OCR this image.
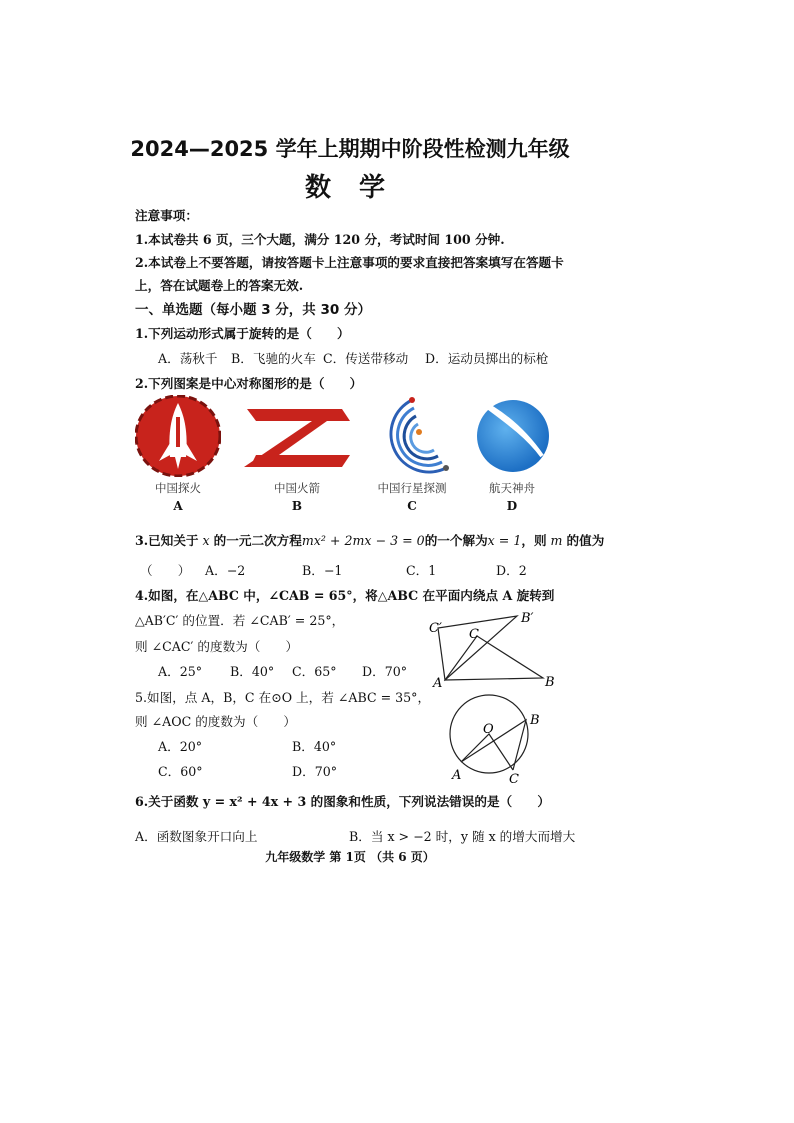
2024—2025 学年上期期中阶段性检测九年级
数学
注意事项：
1.本试卷共 6 页，三个大题，满分 120 分，考试时间 100 分钟.
2.本试卷上不要答题，请按答题卡上注意事项的要求直接把答案填写在答题卡
上，答在试题卷上的答案无效.
一、单选题（每小题 3 分，共 30 分）
1.下列运动形式属于旋转的是（　　）
A．荡秋千 B．飞驰的火车 C．传送带移动 D．运动员掷出的标枪
2.下列图案是中心对称图形的是（　　）
中国探火
A
中国火箭
B
中国行星探测
C
航天神舟
D
3.已知关于 x 的一元二次方程mx² + 2mx − 3 = 0的一个解为x = 1，则 m 的值为
（　　） A．−2	B．−1	C．1	D．2
4.如图，在△ABC 中，∠CAB = 65°，将△ABC 在平面内绕点 A 旋转到
△AB′C′ 的位置．若 ∠CAB′ = 25°，
则 ∠CAC′ 的度数为（　　）
A．25° B．40° C．65° D．70°
C′ C
B′
A	B
5.如图，点 A，B，C 在⊙O 上，若 ∠ABC = 35°，
则 ∠AOC 的度数为（　　）
A．20°	B．40°
C．60°	D．70°
O
B
A	C
6.关于函数 y = x² + 4x + 3 的图象和性质，下列说法错误的是（　　）
A．函数图象开口向上	B．当 x > −2 时，y 随 x 的增大而增大
九年级数学 第 1页 （共 6 页）
